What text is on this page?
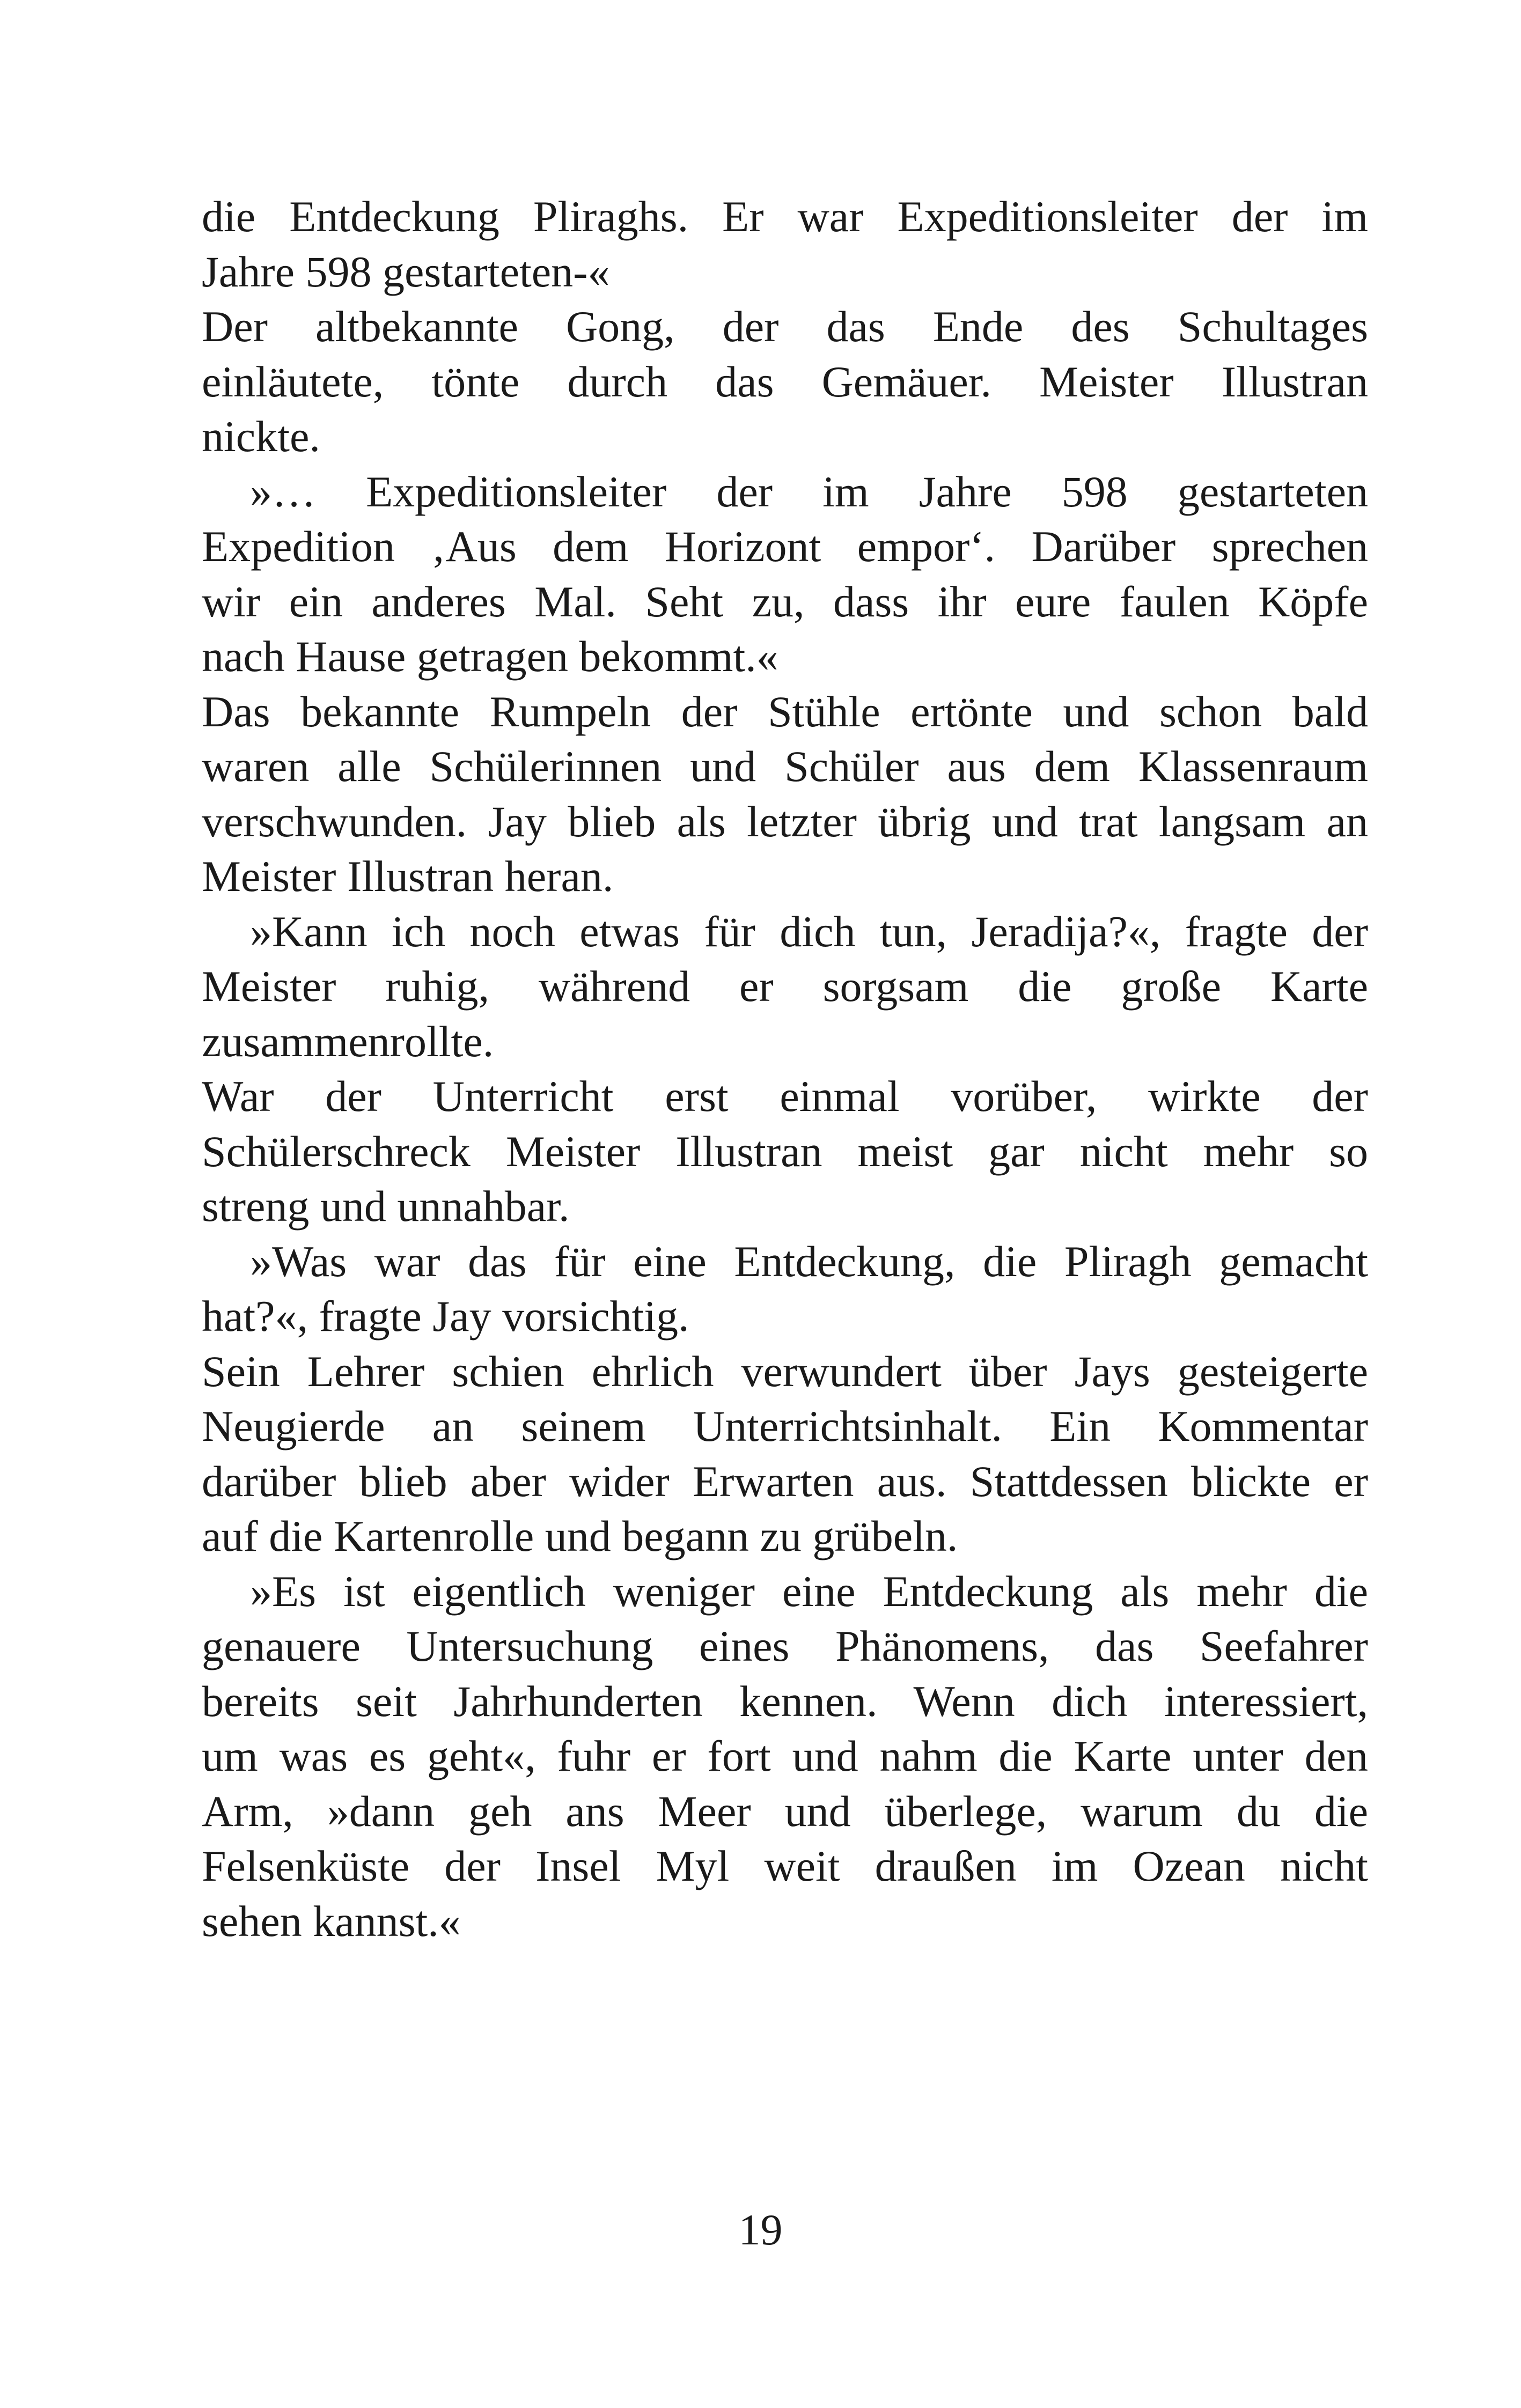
die Entdeckung Pliraghs. Er war Expeditionsleiter der im
Jahre 598 gestarteten-«
Der altbekannte Gong, der das Ende des Schultages
einläutete, tönte durch das Gemäuer. Meister Illustran
nickte.
»… Expeditionsleiter der im Jahre 598 gestarteten
Expedition ‚Aus dem Horizont empor‘. Darüber sprechen
wir ein anderes Mal. Seht zu, dass ihr eure faulen Köpfe
nach Hause getragen bekommt.«
Das bekannte Rumpeln der Stühle ertönte und schon bald
waren alle Schülerinnen und Schüler aus dem Klassenraum
verschwunden. Jay blieb als letzter übrig und trat langsam an
Meister Illustran heran.
»Kann ich noch etwas für dich tun, Jeradija?«, fragte der
Meister ruhig, während er sorgsam die große Karte
zusammenrollte.
War der Unterricht erst einmal vorüber, wirkte der
Schülerschreck Meister Illustran meist gar nicht mehr so
streng und unnahbar.
»Was war das für eine Entdeckung, die Pliragh gemacht
hat?«, fragte Jay vorsichtig.
Sein Lehrer schien ehrlich verwundert über Jays gesteigerte
Neugierde an seinem Unterrichtsinhalt. Ein Kommentar
darüber blieb aber wider Erwarten aus. Stattdessen blickte er
auf die Kartenrolle und begann zu grübeln.
»Es ist eigentlich weniger eine Entdeckung als mehr die
genauere Untersuchung eines Phänomens, das Seefahrer
bereits seit Jahrhunderten kennen. Wenn dich interessiert,
um was es geht«, fuhr er fort und nahm die Karte unter den
Arm, »dann geh ans Meer und überlege, warum du die
Felsenküste der Insel Myl weit draußen im Ozean nicht
sehen kannst.«
19
